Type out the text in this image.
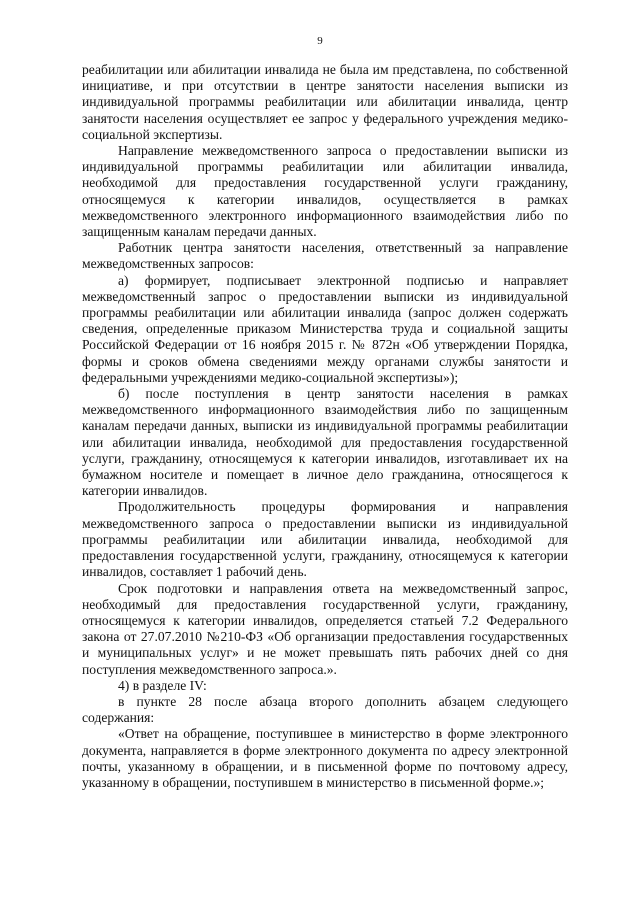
9

реабилитации или абилитации инвалида не была им представлена, по собственной инициативе, и при отсутствии в центре занятости населения выписки из индивидуальной программы реабилитации или абилитации инвалида, центр занятости населения осуществляет ее запрос у федерального учреждения медико-социальной экспертизы.

Направление межведомственного запроса о предоставлении выписки из индивидуальной программы реабилитации или абилитации инвалида, необходимой для предоставления государственной услуги гражданину, относящемуся к категории инвалидов, осуществляется в рамках межведомственного электронного информационного взаимодействия либо по защищенным каналам передачи данных.

Работник центра занятости населения, ответственный за направление межведомственных запросов:

а) формирует, подписывает электронной подписью и направляет межведомственный запрос о предоставлении выписки из индивидуальной программы реабилитации или абилитации инвалида (запрос должен содержать сведения, определенные приказом Министерства труда и социальной защиты Российской Федерации от 16 ноября 2015 г. № 872н «Об утверждении Порядка, формы и сроков обмена сведениями между органами службы занятости и федеральными учреждениями медико-социальной экспертизы»);

б) после поступления в центр занятости населения в рамках межведомственного информационного взаимодействия либо по защищенным каналам передачи данных, выписки из индивидуальной программы реабилитации или абилитации инвалида, необходимой для предоставления государственной услуги, гражданину, относящемуся к категории инвалидов, изготавливает их на бумажном носителе и помещает в личное дело гражданина, относящегося к категории инвалидов.

Продолжительность процедуры формирования и направления межведомственного запроса о предоставлении выписки из индивидуальной программы реабилитации или абилитации инвалида, необходимой для предоставления государственной услуги, гражданину, относящемуся к категории инвалидов, составляет 1 рабочий день.

Срок подготовки и направления ответа на межведомственный запрос, необходимый для предоставления государственной услуги, гражданину, относящемуся к категории инвалидов, определяется статьей 7.2 Федерального закона от 27.07.2010 №210-ФЗ «Об организации предоставления государственных и муниципальных услуг» и не может превышать пять рабочих дней со дня поступления межведомственного запроса.».

4) в разделе IV:

в пункте 28 после абзаца второго дополнить абзацем следующего содержания:

«Ответ на обращение, поступившее в министерство в форме электронного документа, направляется в форме электронного документа по адресу электронной почты, указанному в обращении, и в письменной форме по почтовому адресу, указанному в обращении, поступившем в министерство в письменной форме.»;
